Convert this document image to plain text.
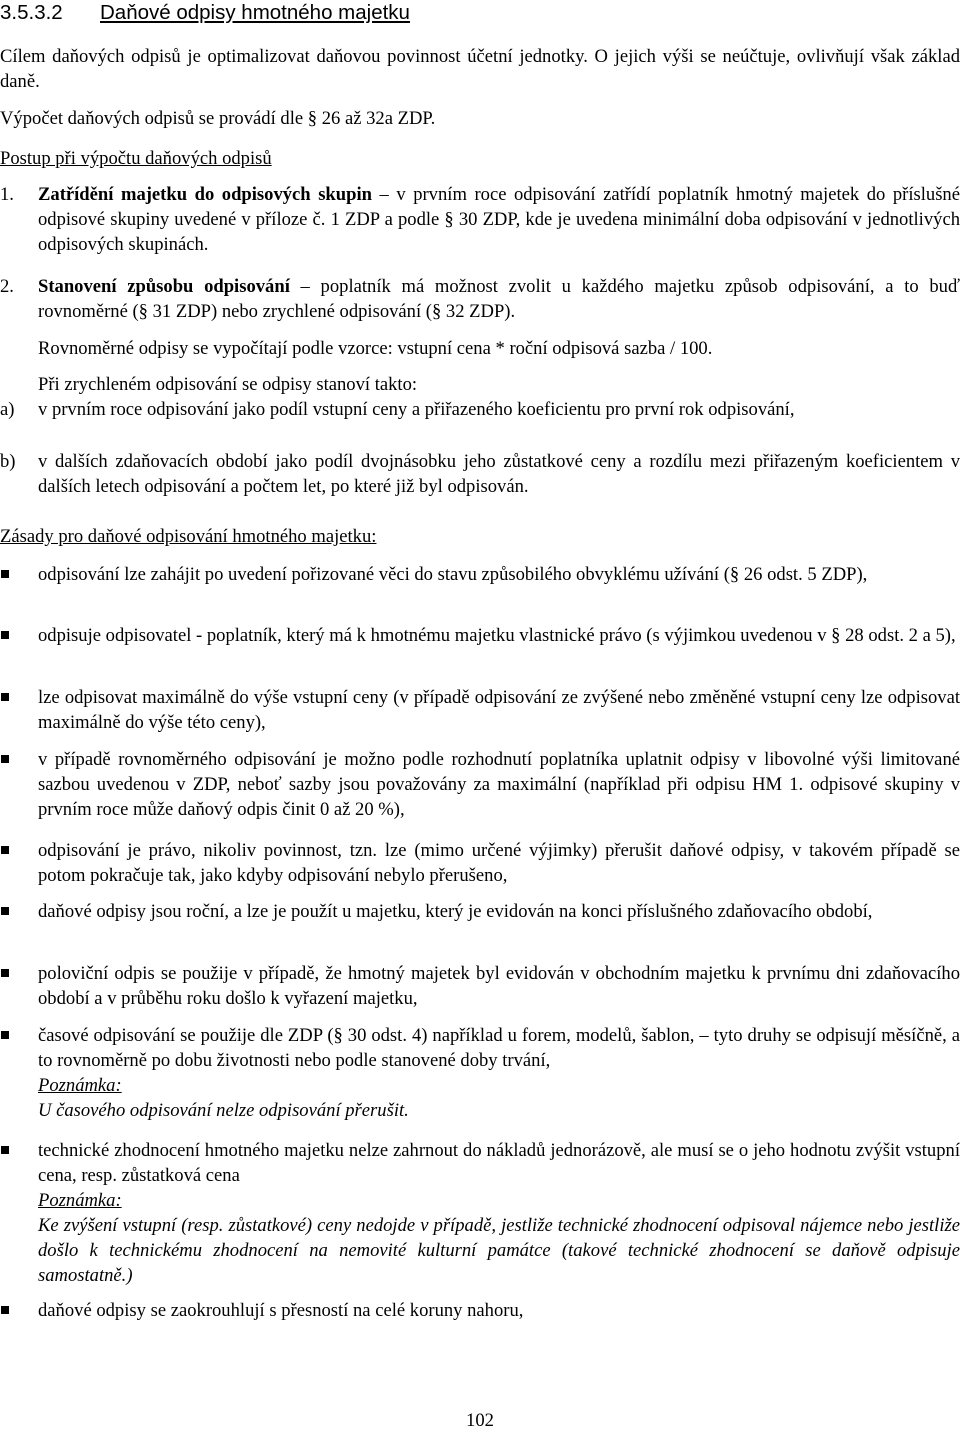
3.5.3.2 Daňové odpisy hmotného majetku
Cílem daňových odpisů je optimalizovat daňovou povinnost účetní jednotky. O jejich výši se neúčtuje, ovlivňují však základ daně.
Výpočet daňových odpisů se provádí dle § 26 až 32a ZDP.
Postup při výpočtu daňových odpisů
1. Zatřídění majetku do odpisových skupin – v prvním roce odpisování zatřídí poplatník hmotný majetek do příslušné odpisové skupiny uvedené v příloze č. 1 ZDP a podle § 30 ZDP, kde je uvedena minimální doba odpisování v jednotlivých odpisových skupinách.
2. Stanovení způsobu odpisování – poplatník má možnost zvolit u každého majetku způsob odpisování, a to buď rovnoměrné (§ 31 ZDP) nebo zrychlené odpisování (§ 32 ZDP).
Rovnoměrné odpisy se vypočítají podle vzorce: vstupní cena * roční odpisová sazba / 100.
Při zrychleném odpisování se odpisy stanoví takto:
a) v prvním roce odpisování jako podíl vstupní ceny a přiřazeného koeficientu pro první rok odpisování,
b) v dalších zdaňovacích období jako podíl dvojnásobku jeho zůstatkové ceny a rozdílu mezi přiřazeným koeficientem v dalších letech odpisování a počtem let, po které již byl odpisován.
Zásady pro daňové odpisování hmotného majetku:
odpisování lze zahájit po uvedení pořizované věci do stavu způsobilého obvyklému užívání (§ 26 odst. 5 ZDP),
odpisuje odpisovatel - poplatník, který má k hmotnému majetku vlastnické právo (s výjimkou uvedenou v § 28 odst. 2 a 5),
lze odpisovat maximálně do výše vstupní ceny (v případě odpisování ze zvýšené nebo změněné vstupní ceny lze odpisovat maximálně do výše této ceny),
v případě rovnoměrného odpisování je možno podle rozhodnutí poplatníka uplatnit odpisy v libovolné výši limitované sazbou uvedenou v ZDP, neboť sazby jsou považovány za maximální (například při odpisu HM 1. odpisové skupiny v prvním roce může daňový odpis činit 0 až 20 %),
odpisování je právo, nikoliv povinnost, tzn. lze (mimo určené výjimky) přerušit daňové odpisy, v takovém případě se potom pokračuje tak, jako kdyby odpisování nebylo přerušeno,
daňové odpisy jsou roční, a lze je použít u majetku, který je evidován na konci příslušného zdaňovacího období,
poloviční odpis se použije v případě, že hmotný majetek byl evidován v obchodním majetku k prvnímu dni zdaňovacího období a v průběhu roku došlo k vyřazení majetku,
časové odpisování se použije dle ZDP (§ 30 odst. 4) například u forem, modelů, šablon, – tyto druhy se odpisují měsíčně, a to rovnoměrně po dobu životnosti nebo podle stanovené doby trvání,
Poznámka:
U časového odpisování nelze odpisování přerušit.
technické zhodnocení hmotného majetku nelze zahrnout do nákladů jednorázově, ale musí se o jeho hodnotu zvýšit vstupní cena, resp. zůstatková cena
Poznámka:
Ke zvýšení vstupní (resp. zůstatkové) ceny nedojde v případě, jestliže technické zhodnocení odpisoval nájemce nebo jestliže došlo k technickému zhodnocení na nemovité kulturní památce (takové technické zhodnocení se daňově odpisuje samostatně.)
daňové odpisy se zaokrouhlují s přesností na celé koruny nahoru,
102
